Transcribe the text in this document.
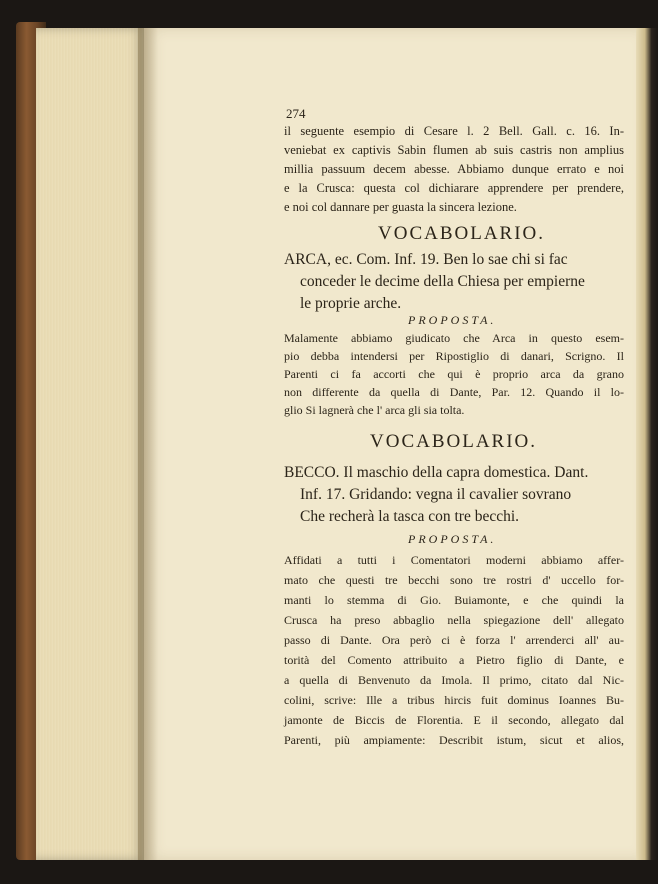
274
il seguente esempio di Cesare l. 2 Bell. Gall. c. 16. In-
veniebat ex captivis Sabin flumen ab suis castris non amplius
millia passuum decem abesse. Abbiamo dunque errato e noi
e la Crusca: questa col dichiarare apprendere per prendere,
e noi col dannare per guasta la sincera lezione.
VOCABOLARIO.
ARCA, ec. Com. Inf. 19. Ben lo sae chi si fac
conceder le decime della Chiesa per empierne
le proprie arche.
PROPOSTA.
Malamente abbiamo giudicato che Arca in questo esem-
pio debba intendersi per Ripostiglio di danari, Scrigno. Il
Parenti ci fa accorti che qui è proprio arca da grano
non differente da quella di Dante, Par. 12. Quando il lo-
glio Si lagnerà che l' arca gli sia tolta.
VOCABOLARIO.
BECCO. Il maschio della capra domestica. Dant.
Inf. 17. Gridando: vegna il cavalier sovrano
Che recherà la tasca con tre becchi.
PROPOSTA.
Affidati a tutti i Comentatori moderni abbiamo affer-
mato che questi tre becchi sono tre rostri d' uccello for-
manti lo stemma di Gio. Buiamonte, e che quindi la
Crusca ha preso abbaglio nella spiegazione dell' allegato
passo di Dante. Ora però ci è forza l' arrenderci all' au-
torità del Comento attribuito a Pietro figlio di Dante, e
a quella di Benvenuto da Imola. Il primo, citato dal Nic-
colini, scrive: Ille a tribus hircis fuit dominus Ioannes Bu-
jamonte de Biccis de Florentia. E il secondo, allegato dal
Parenti, più ampiamente: Describit istum, sicut et alios,
